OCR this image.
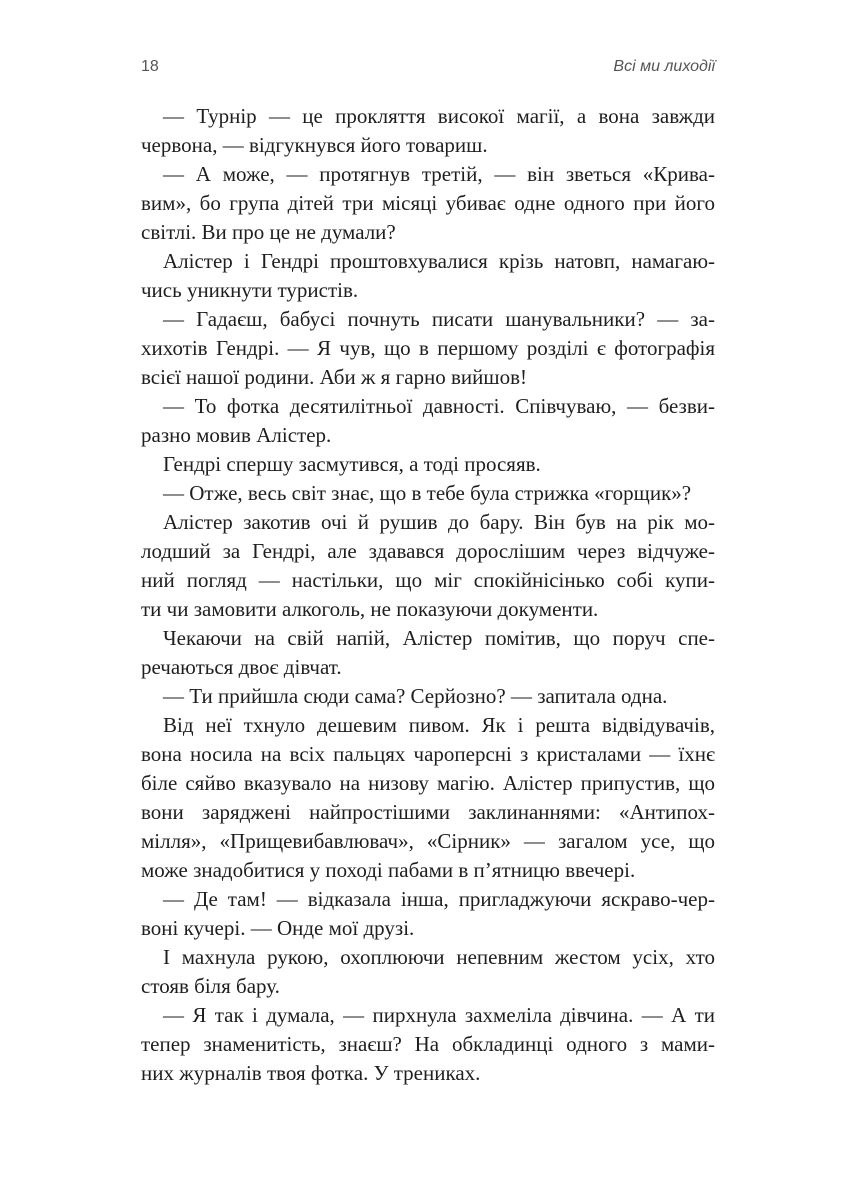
18	Всі ми лиходії
— Турнір — це прокляття високої магії, а вона завжди
червона, — відгукнувся його товариш.
— А може, — протягнув третій, — він зветься «Крива-
вим», бо група дітей три місяці убиває одне одного при його
світлі. Ви про це не думали?
Алістер і Гендрі проштовхувалися крізь натовп, намагаю-
чись уникнути туристів.
— Гадаєш, бабусі почнуть писати шанувальники? — за-
хихотів Гендрі. — Я чув, що в першому розділі є фотографія
всієї нашої родини. Аби ж я гарно вийшов!
— То фотка десятилітньої давності. Співчуваю, — безви-
разно мовив Алістер.
Гендрі спершу засмутився, а тоді просяяв.
— Отже, весь світ знає, що в тебе була стрижка «горщик»?
Алістер закотив очі й рушив до бару. Він був на рік мо-
лодший за Гендрі, але здавався дорослішим через відчуже-
ний погляд — настільки, що міг спокійнісінько собі купи-
ти чи замовити алкоголь, не показуючи документи.
Чекаючи на свій напій, Алістер помітив, що поруч спе-
речаються двоє дівчат.
— Ти прийшла сюди сама? Серйозно? — запитала одна.
Від неї тхнуло дешевим пивом. Як і решта відвідувачів,
вона носила на всіх пальцях чароперсні з кристалами — їхнє
біле сяйво вказувало на низову магію. Алістер припустив, що
вони заряджені найпростішими заклинаннями: «Антипох-
мілля», «Прищевибавлювач», «Сірник» — загалом усе, що
може знадобитися у поході пабами в п’ятницю ввечері.
— Де там! — відказала інша, пригладжуючи яскраво-чер-
воні кучері. — Онде мої друзі.
І махнула рукою, охоплюючи непевним жестом усіх, хто
стояв біля бару.
— Я так і думала, — пирхнула захмеліла дівчина. — А ти
тепер знаменитість, знаєш? На обкладинці одного з мами-
них журналів твоя фотка. У трениках.
